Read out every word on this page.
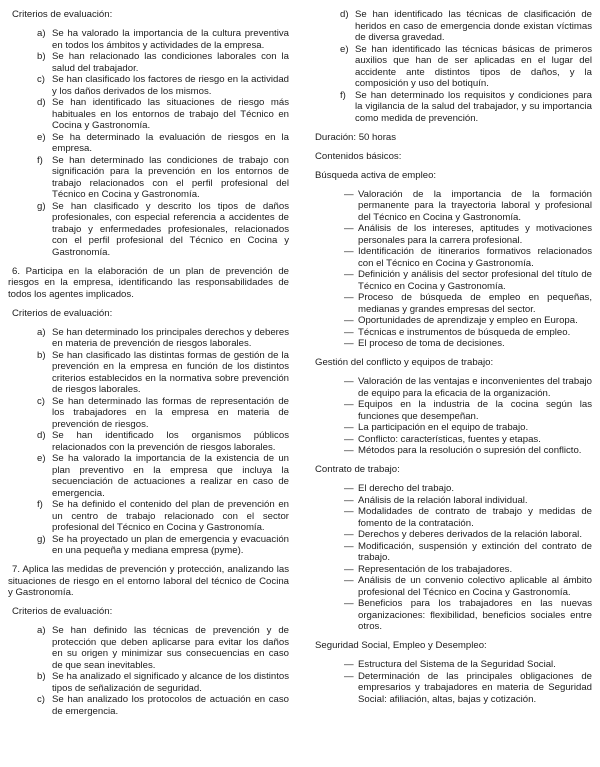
Criterios de evaluación:

a) Se ha valorado la importancia de la cultura preventiva en todos los ámbitos y actividades de la empresa.
b) Se han relacionado las condiciones laborales con la salud del trabajador.
c) Se han clasificado los factores de riesgo en la actividad y los daños derivados de los mismos.
d) Se han identificado las situaciones de riesgo más habituales en los entornos de trabajo del Técnico en Cocina y Gastronomía.
e) Se ha determinado la evaluación de riesgos en la empresa.
f) Se han determinado las condiciones de trabajo con significación para la prevención en los entornos de trabajo relacionados con el perfil profesional del Técnico en Cocina y Gastronomía.
g) Se han clasificado y descrito los tipos de daños profesionales, con especial referencia a accidentes de trabajo y enfermedades profesionales, relacionados con el perfil profesional del Técnico en Cocina y Gastronomía.

6. Participa en la elaboración de un plan de prevención de riesgos en la empresa, identificando las responsabilidades de todos los agentes implicados.

Criterios de evaluación:

a) Se han determinado los principales derechos y deberes en materia de prevención de riesgos laborales.
b) Se han clasificado las distintas formas de gestión de la prevención en la empresa en función de los distintos criterios establecidos en la normativa sobre prevención de riesgos laborales.
c) Se han determinado las formas de representación de los trabajadores en la empresa en materia de prevención de riesgos.
d) Se han identificado los organismos públicos relacionados con la prevención de riesgos laborales.
e) Se ha valorado la importancia de la existencia de un plan preventivo en la empresa que incluya la secuenciación de actuaciones a realizar en caso de emergencia.
f) Se ha definido el contenido del plan de prevención en un centro de trabajo relacionado con el sector profesional del Técnico en Cocina y Gastronomía.
g) Se ha proyectado un plan de emergencia y evacuación en una pequeña y mediana empresa (pyme).

7. Aplica las medidas de prevención y protección, analizando las situaciones de riesgo en el entorno laboral del técnico de Cocina y Gastronomía.

Criterios de evaluación:

a) Se han definido las técnicas de prevención y de protección que deben aplicarse para evitar los daños en su origen y minimizar sus consecuencias en caso de que sean inevitables.
b) Se ha analizado el significado y alcance de los distintos tipos de señalización de seguridad.
c) Se han analizado los protocolos de actuación en caso de emergencia.
d) Se han identificado las técnicas de clasificación de heridos en caso de emergencia donde existan víctimas de diversa gravedad.
e) Se han identificado las técnicas básicas de primeros auxilios que han de ser aplicadas en el lugar del accidente ante distintos tipos de daños, y la composición y uso del botiquín.
f) Se han determinado los requisitos y condiciones para la vigilancia de la salud del trabajador, y su importancia como medida de prevención.

Duración: 50 horas

Contenidos básicos:

Búsqueda activa de empleo:

— Valoración de la importancia de la formación permanente para la trayectoria laboral y profesional del Técnico en Cocina y Gastronomía.
— Análisis de los intereses, aptitudes y motivaciones personales para la carrera profesional.
— Identificación de itinerarios formativos relacionados con el Técnico en Cocina y Gastronomía.
— Definición y análisis del sector profesional del título de Técnico en Cocina y Gastronomía.
— Proceso de búsqueda de empleo en pequeñas, medianas y grandes empresas del sector.
— Oportunidades de aprendizaje y empleo en Europa.
— Técnicas e instrumentos de búsqueda de empleo.
— El proceso de toma de decisiones.

Gestión del conflicto y equipos de trabajo:

— Valoración de las ventajas e inconvenientes del trabajo de equipo para la eficacia de la organización.
— Equipos en la industria de la cocina según las funciones que desempeñan.
— La participación en el equipo de trabajo.
— Conflicto: características, fuentes y etapas.
— Métodos para la resolución o supresión del conflicto.

Contrato de trabajo:

— El derecho del trabajo.
— Análisis de la relación laboral individual.
— Modalidades de contrato de trabajo y medidas de fomento de la contratación.
— Derechos y deberes derivados de la relación laboral.
— Modificación, suspensión y extinción del contrato de trabajo.
— Representación de los trabajadores.
— Análisis de un convenio colectivo aplicable al ámbito profesional del Técnico en Cocina y Gastronomía.
— Beneficios para los trabajadores en las nuevas organizaciones: flexibilidad, beneficios sociales entre otros.

Seguridad Social, Empleo y Desempleo:

— Estructura del Sistema de la Seguridad Social.
— Determinación de las principales obligaciones de empresarios y trabajadores en materia de Seguridad Social: afiliación, altas, bajas y cotización.
